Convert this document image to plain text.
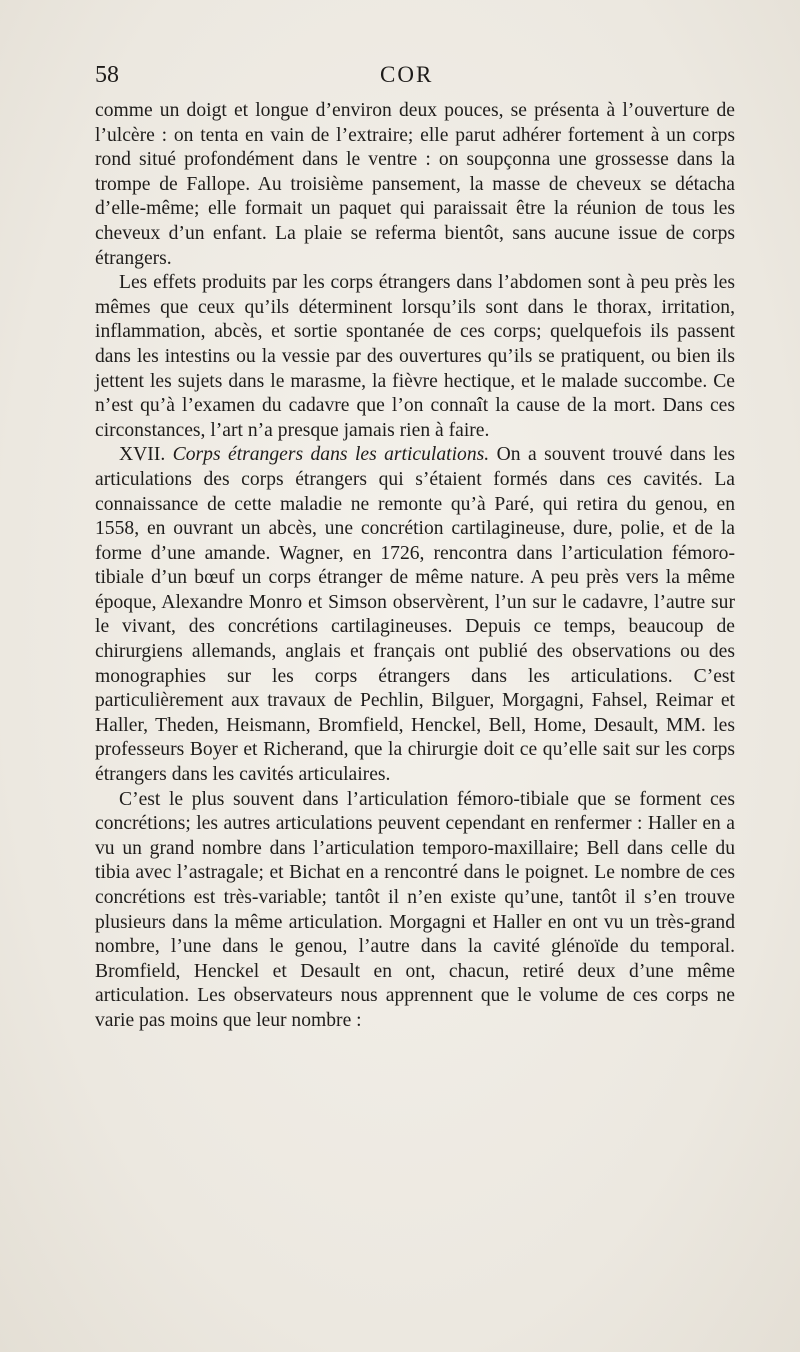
58	COR

comme un doigt et longue d’environ deux pouces, se présenta à l’ouverture de l’ulcère : on tenta en vain de l’extraire; elle parut adhérer fortement à un corps rond situé profondément dans le ventre : on soupçonna une grossesse dans la trompe de Fallope. Au troisième pansement, la masse de cheveux se détacha d’elle-même; elle formait un paquet qui paraissait être la réunion de tous les cheveux d’un enfant. La plaie se referma bientôt, sans aucune issue de corps étrangers.

Les effets produits par les corps étrangers dans l’abdomen sont à peu près les mêmes que ceux qu’ils déterminent lorsqu’ils sont dans le thorax, irritation, inflammation, abcès, et sortie spontanée de ces corps; quelquefois ils passent dans les intestins ou la vessie par des ouvertures qu’ils se pratiquent, ou bien ils jettent les sujets dans le marasme, la fièvre hectique, et le malade succombe. Ce n’est qu’à l’examen du cadavre que l’on connaît la cause de la mort. Dans ces circonstances, l’art n’a presque jamais rien à faire.

XVII. Corps étrangers dans les articulations. On a souvent trouvé dans les articulations des corps étrangers qui s’étaient formés dans ces cavités. La connaissance de cette maladie ne remonte qu’à Paré, qui retira du genou, en 1558, en ouvrant un abcès, une concrétion cartilagineuse, dure, polie, et de la forme d’une amande. Wagner, en 1726, rencontra dans l’articulation fémoro-tibiale d’un bœuf un corps étranger de même nature. A peu près vers la même époque, Alexandre Monro et Simson observèrent, l’un sur le cadavre, l’autre sur le vivant, des concrétions cartilagineuses. Depuis ce temps, beaucoup de chirurgiens allemands, anglais et français ont publié des observations ou des monographies sur les corps étrangers dans les articulations. C’est particulièrement aux travaux de Pechlin, Bilguer, Morgagni, Fahsel, Reimar et Haller, Theden, Heismann, Bromfield, Henckel, Bell, Home, Desault, MM. les professeurs Boyer et Richerand, que la chirurgie doit ce qu’elle sait sur les corps étrangers dans les cavités articulaires.

C’est le plus souvent dans l’articulation fémoro-tibiale que se forment ces concrétions; les autres articulations peuvent cependant en renfermer : Haller en a vu un grand nombre dans l’articulation temporo-maxillaire; Bell dans celle du tibia avec l’astragale; et Bichat en a rencontré dans le poignet. Le nombre de ces concrétions est très-variable; tantôt il n’en existe qu’une, tantôt il s’en trouve plusieurs dans la même articulation. Morgagni et Haller en ont vu un très-grand nombre, l’une dans le genou, l’autre dans la cavité glénoïde du temporal. Bromfield, Henckel et Desault en ont, chacun, retiré deux d’une même articulation. Les observateurs nous apprennent que le volume de ces corps ne varie pas moins que leur nombre :
